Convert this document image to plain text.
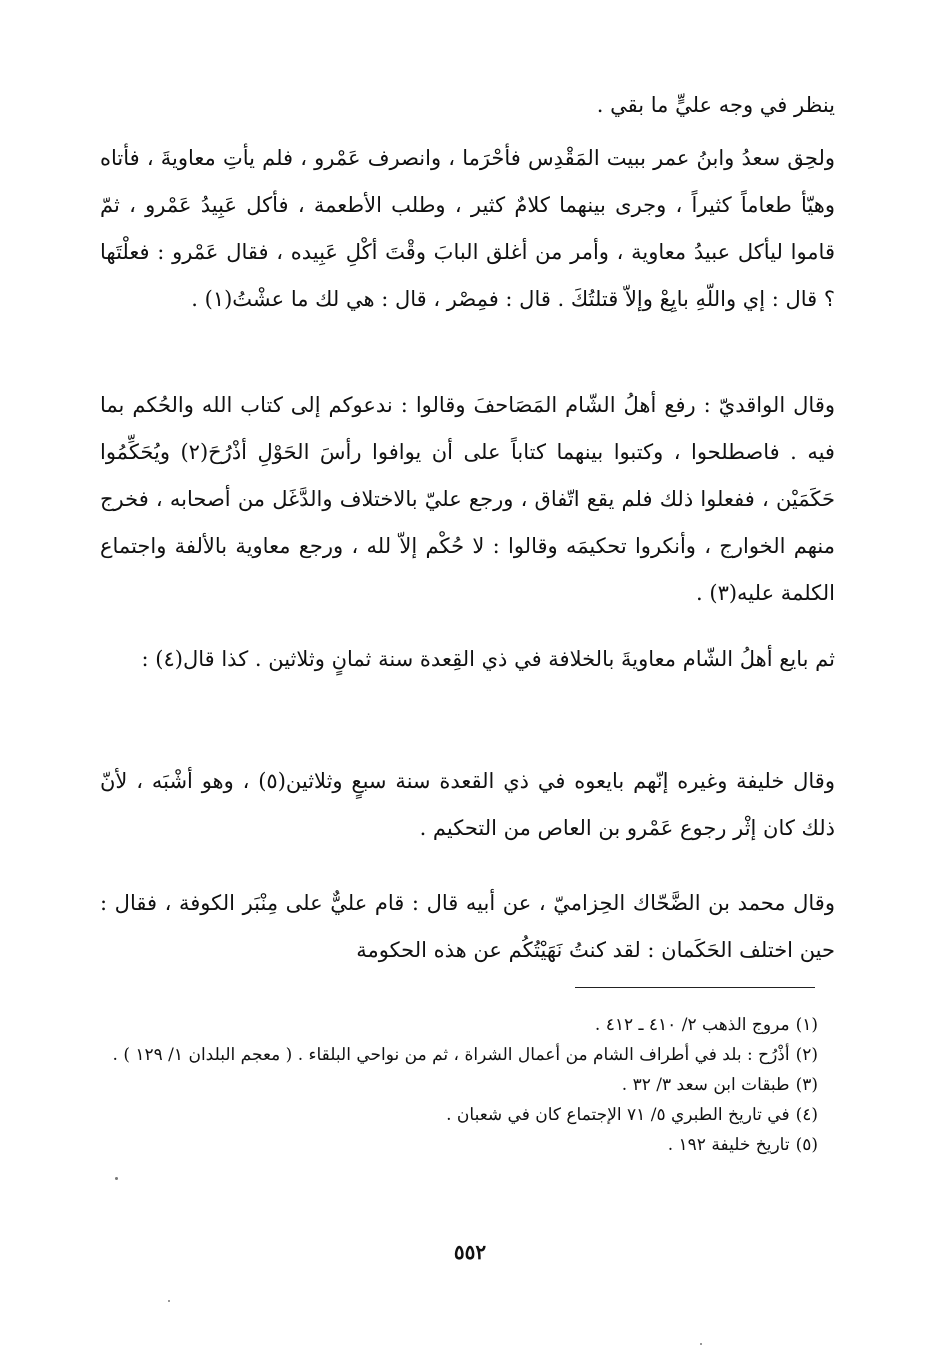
ينظر في وجه عليٍّ ما بقي .

ولحِق سعدُ وابنُ عمر ببيت المَقْدِس فأحْرَما ، وانصرف عَمْرو ، فلم يأتِ معاويةَ ، فأتاه وهيّأ طعاماً كثيراً ، وجرى بينهما كلامٌ كثير ، وطلب الأطعمة ، فأكل عَبِيدُ عَمْرو ، ثمّ قاموا ليأكل عبيدُ معاوية ، وأمر من أغلق البابَ وقْتَ أكْلِ عَبِيده ، فقال عَمْرو : فعلْتَها ؟ قال : إي واللّهِ بايِعْ وإلاّ قتلتُكَ . قال : فمِصْر ، قال : هي لك ما عشْتُ(١) .

وقال الواقديّ : رفع أهلُ الشّام المَصَاحفَ وقالوا : ندعوكم إلى كتاب الله والحُكم بما فيه . فاصطلحوا ، وكتبوا بينهما كتاباً على أن يوافوا رأسَ الحَوْلِ أذْرُحَ(٢) ويُحَكِّمُوا حَكَمَيْن ، ففعلوا ذلك فلم يقع اتّفاق ، ورجع عليّ بالاختلاف والدَّغَل من أصحابه ، فخرج منهم الخوارج ، وأنكروا تحكيمَه وقالوا : لا حُكْم إلاّ لله ، ورجع معاوية بالألفة واجتماع الكلمة عليه(٣) .

ثم بايع أهلُ الشّام معاويةَ بالخلافة في ذي القِعدة سنة ثمانٍ وثلاثين . كذا قال(٤) :

وقال خليفة وغيره إنّهم بايعوه في ذي القعدة سنة سبعٍ وثلاثين(٥) ، وهو أشْبَه ، لأنّ ذلك كان إثْر رجوع عَمْرو بن العاص من التحكيم .

وقال محمد بن الضَّحّاك الحِزاميّ ، عن أبيه قال : قام عليٌّ على مِنْبَر الكوفة ، فقال : حين اختلف الحَكَمان : لقد كنتُ نَهَيْتُكُم عن هذه الحكومة

(١)مروج الذهب ٢/ ٤١٠ ـ ٤١٢ .

(٢)أذْرُح : بلد في أطراف الشام من أعمال الشراة ، ثم من نواحي البلقاء . ( معجم البلدان ١/ ١٢٩ ) .

(٣)طبقات ابن سعد ٣/ ٣٢ .

(٤)في تاريخ الطبري ٥/ ٧١ الإجتماع كان في شعبان .

(٥)تاريخ خليفة ١٩٢ .

٥٥٢
